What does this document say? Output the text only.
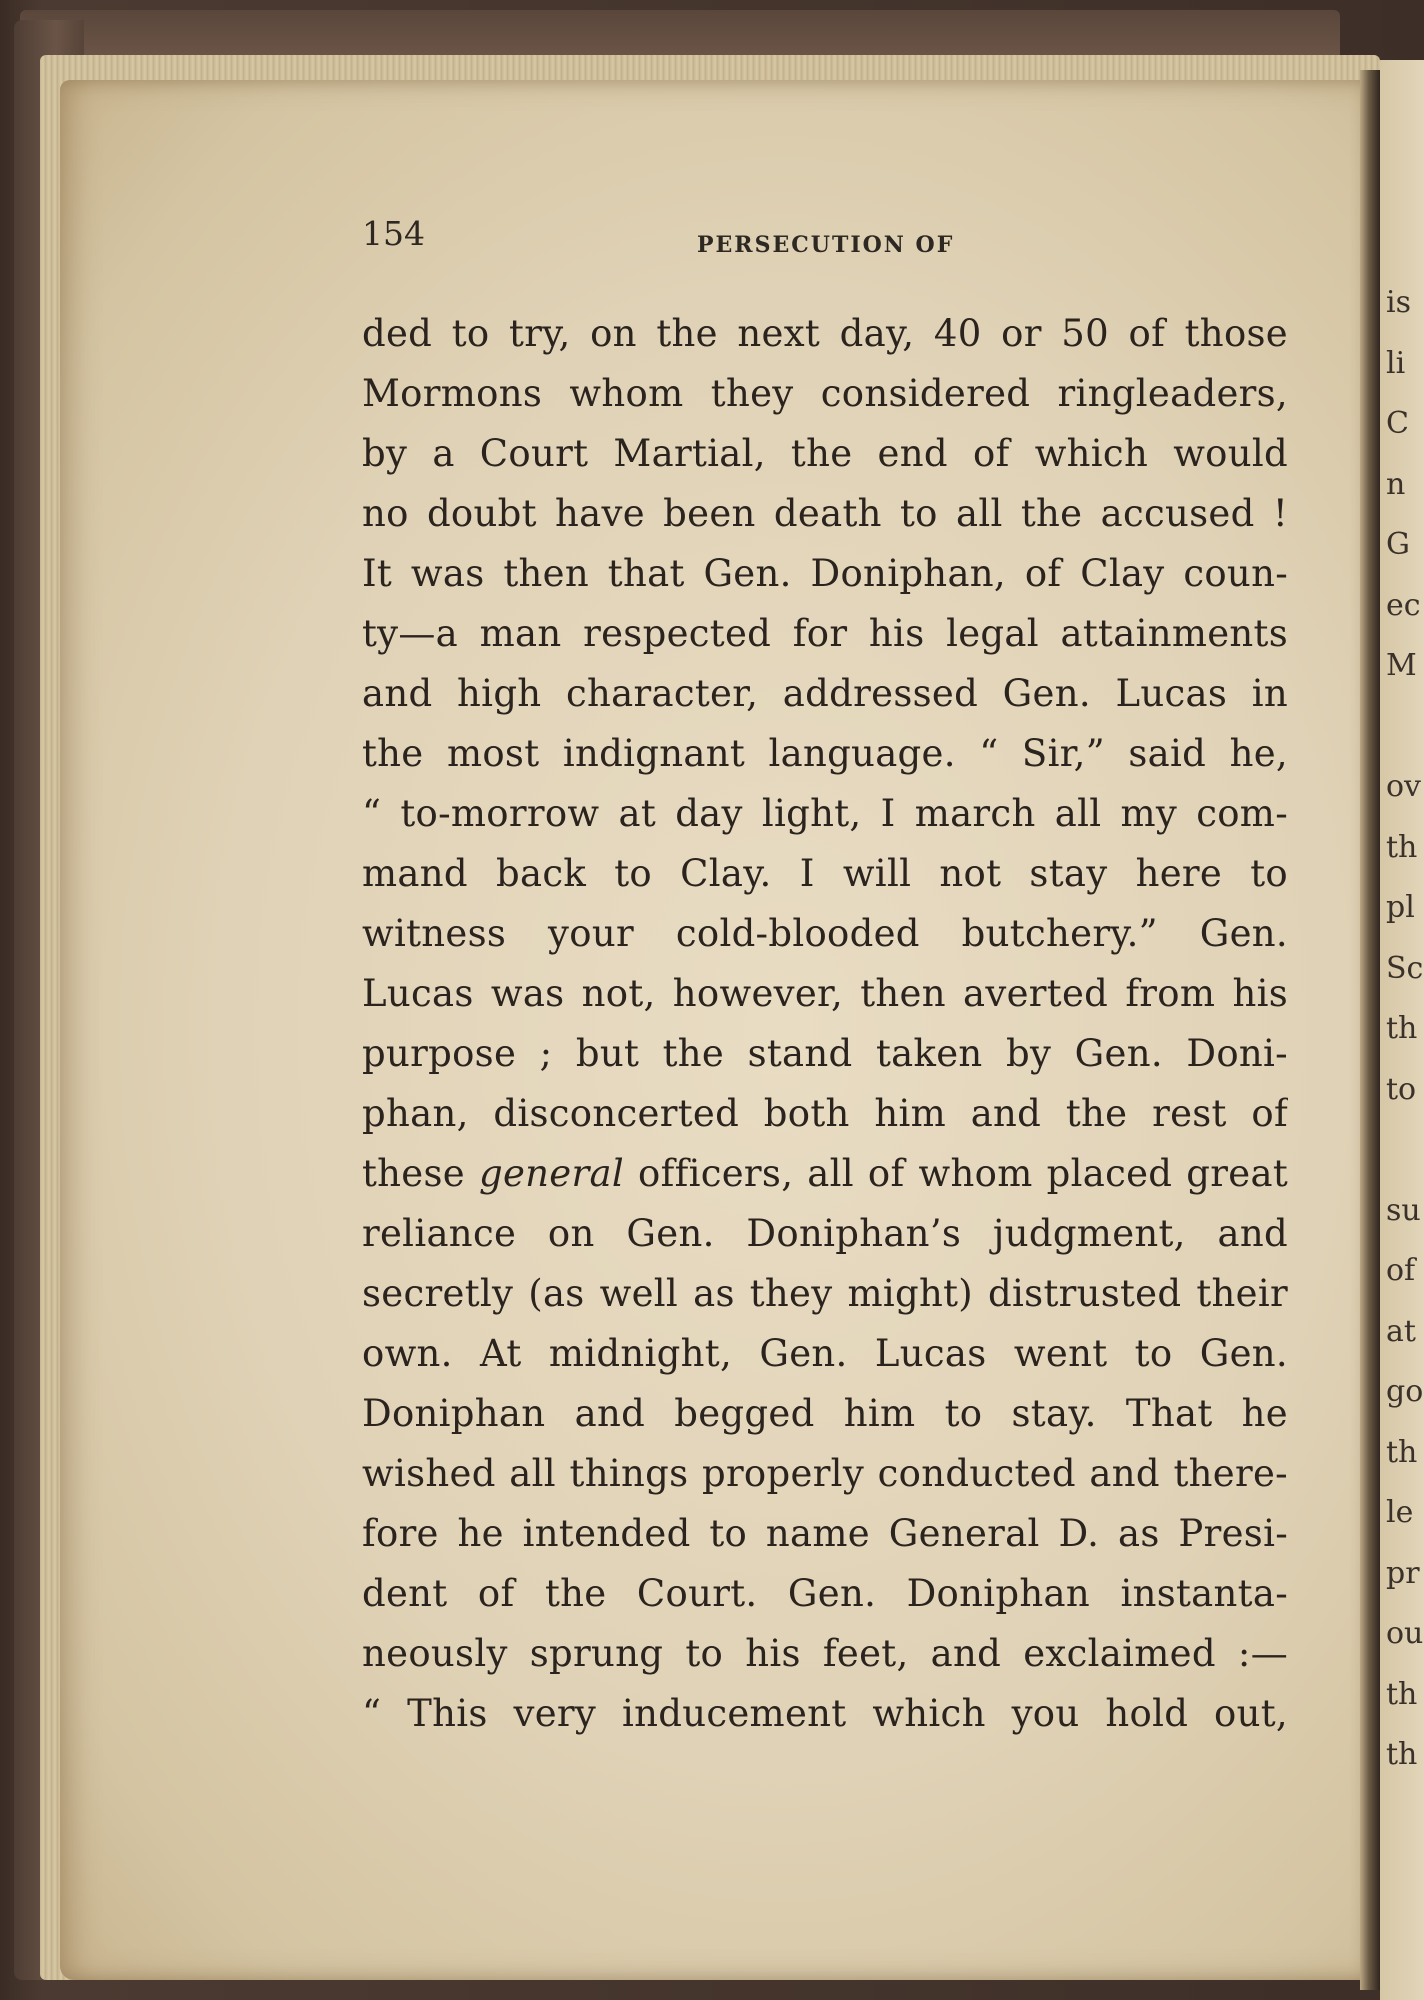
is
li
C
n
G
ec
M
ov
th
pl
Sc
th
to
su
of
at
go
th
le
pr
ou
th
th
154	PERSECUTION OF
ded to try, on the next day, 40 or 50 of those
Mormons whom they considered ringleaders,
by a Court Martial, the end of which would
no doubt have been death to all the accused !
It was then that Gen. Doniphan, of Clay coun-
ty—a man respected for his legal attainments
and high character, addressed Gen. Lucas in
the most indignant language. “ Sir,” said he,
“ to-morrow at day light, I march all my com-
mand back to Clay. I will not stay here to
witness your cold-blooded butchery.” Gen.
Lucas was not, however, then averted from his
purpose ; but the stand taken by Gen. Doni-
phan, disconcerted both him and the rest of
these general officers, all of whom placed great
reliance on Gen. Doniphan’s judgment, and
secretly (as well as they might) distrusted their
own. At midnight, Gen. Lucas went to Gen.
Doniphan and begged him to stay. That he
wished all things properly conducted and there-
fore he intended to name General D. as Presi-
dent of the Court. Gen. Doniphan instanta-
neously sprung to his feet, and exclaimed :—
“ This very inducement which you hold out,
